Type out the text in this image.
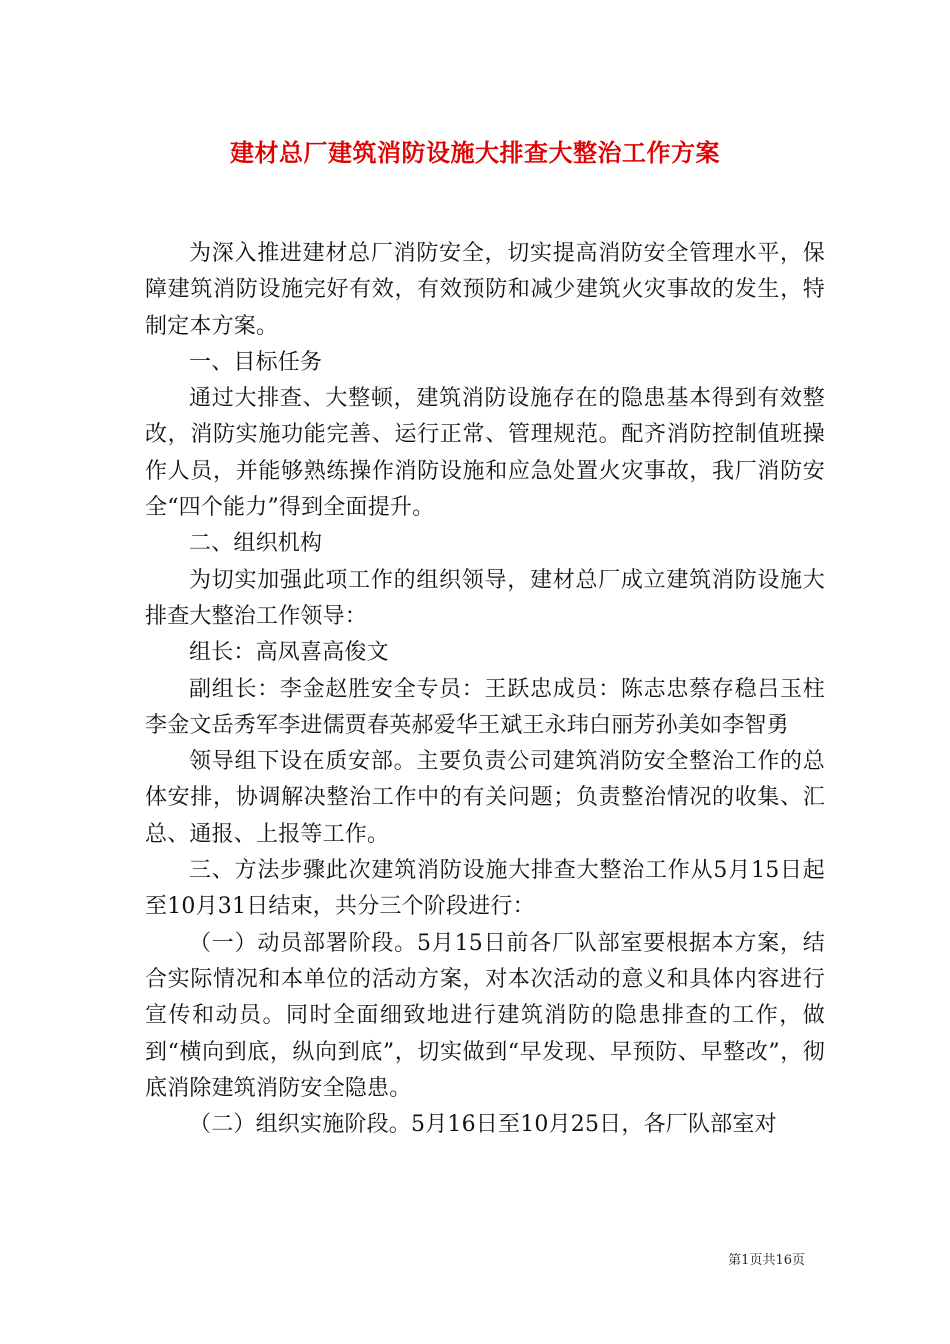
建材总厂建筑消防设施大排查大整治工作方案

为深入推进建材总厂消防安全，切实提高消防安全管理水平，保障建筑消防设施完好有效，有效预防和减少建筑火灾事故的发生，特制定本方案。

一、目标任务

通过大排查、大整顿，建筑消防设施存在的隐患基本得到有效整改，消防实施功能完善、运行正常、管理规范。配齐消防控制值班操作人员，并能够熟练操作消防设施和应急处置火灾事故，我厂消防安全“四个能力”得到全面提升。

二、组织机构

为切实加强此项工作的组织领导，建材总厂成立建筑消防设施大排查大整治工作领导：

组长：高凤喜高俊文

副组长：李金赵胜安全专员：王跃忠成员：陈志忠蔡存稳吕玉柱李金文岳秀军李进儒贾春英郝爱华王斌王永玮白丽芳孙美如李智勇

领导组下设在质安部。主要负责公司建筑消防安全整治工作的总体安排，协调解决整治工作中的有关问题；负责整治情况的收集、汇总、通报、上报等工作。

三、方法步骤此次建筑消防设施大排查大整治工作从5月15日起至10月31日结束，共分三个阶段进行：

（一）动员部署阶段。5月15日前各厂队部室要根据本方案，结合实际情况和本单位的活动方案，对本次活动的意义和具体内容进行宣传和动员。同时全面细致地进行建筑消防的隐患排查的工作，做到“横向到底，纵向到底”，切实做到“早发现、早预防、早整改”，彻底消除建筑消防安全隐患。

（二）组织实施阶段。5月16日至10月25日，各厂队部室对

第1页共16页
